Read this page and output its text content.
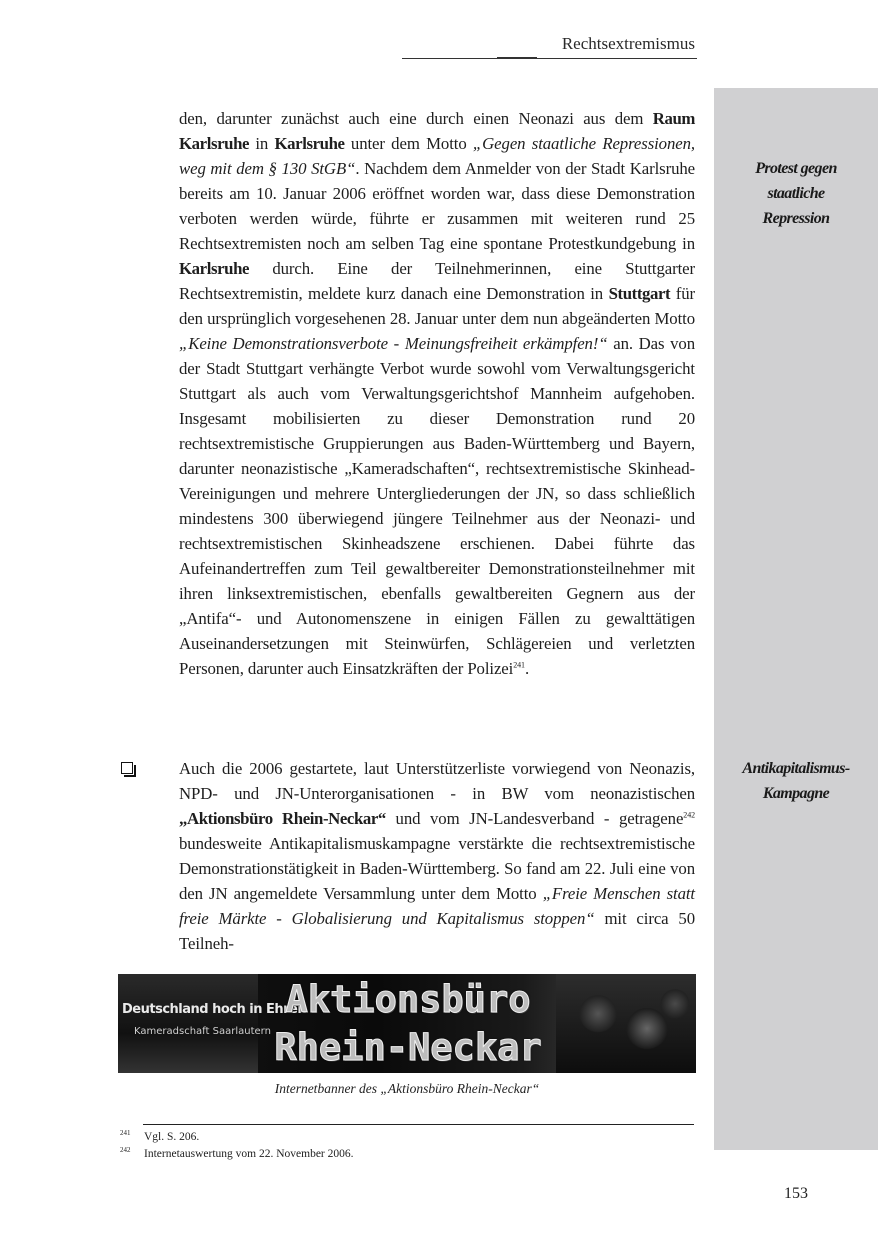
Rechtsextremismus
Protest gegen staatliche Repression
Antikapitalismus-Kampagne

den, darunter zunächst auch eine durch einen Neonazi aus dem Raum Karlsruhe in Karlsruhe unter dem Motto „Gegen staatliche Repressionen, weg mit dem § 130 StGB“. Nachdem dem Anmelder von der Stadt Karlsruhe bereits am 10. Januar 2006 eröffnet worden war, dass diese Demonstration verboten werden würde, führte er zusammen mit weiteren rund 25 Rechtsextremisten noch am selben Tag eine spontane Protestkundgebung in Karlsruhe durch. Eine der Teilnehmerinnen, eine Stuttgarter Rechtsextremistin, meldete kurz danach eine Demonstration in Stuttgart für den ursprünglich vorgesehenen 28. Januar unter dem nun abgeänderten Motto „Keine Demonstrationsverbote - Meinungsfreiheit erkämpfen!“ an. Das von der Stadt Stuttgart verhängte Verbot wurde sowohl vom Verwaltungsgericht Stuttgart als auch vom Verwaltungsgerichtshof Mannheim aufgehoben. Insgesamt mobilisierten zu dieser Demonstration rund 20 rechtsextremistische Gruppierungen aus Baden-Württemberg und Bayern, darunter neonazistische „Kameradschaften“, rechtsextremistische Skinhead-Vereinigungen und mehrere Untergliederungen der JN, so dass schließlich mindestens 300 überwiegend jüngere Teilnehmer aus der Neonazi- und rechtsextremistischen Skinheadszene erschienen. Dabei führte das Aufeinandertreffen zum Teil gewaltbereiter Demonstrationsteilnehmer mit ihren linksextremistischen, ebenfalls gewaltbereiten Gegnern aus der „Antifa“- und Autonomenszene in einigen Fällen zu gewalttätigen Auseinandersetzungen mit Steinwürfen, Schlägereien und verletzten Personen, darunter auch Einsatzkräften der Polizei$^{241}$.

Auch die 2006 gestartete, laut Unterstützerliste vorwiegend von Neonazis, NPD- und JN-Unterorganisationen - in BW vom neonazistischen „Aktionsbüro Rhein-Neckar“ und vom JN-Landesverband - getragene$^{242}$ bundesweite Antikapitalismuskampagne verstärkte die rechtsextremistische Demonstrationstätigkeit in Baden-Württemberg. So fand am 22. Juli eine von den JN angemeldete Versammlung unter dem Motto „Freie Menschen statt freie Märkte - Globalisierung und Kapitalismus stoppen“ mit circa 50 Teilneh-

Deutschland hoch in Ehren
Kameradschaft Saarlautern
Aktionsbüro
Rhein-Neckar
Internetbanner des „Aktionsbüro Rhein-Neckar“
241 Vgl. S. 206.
242 Internetauswertung vom 22. November 2006.
153
